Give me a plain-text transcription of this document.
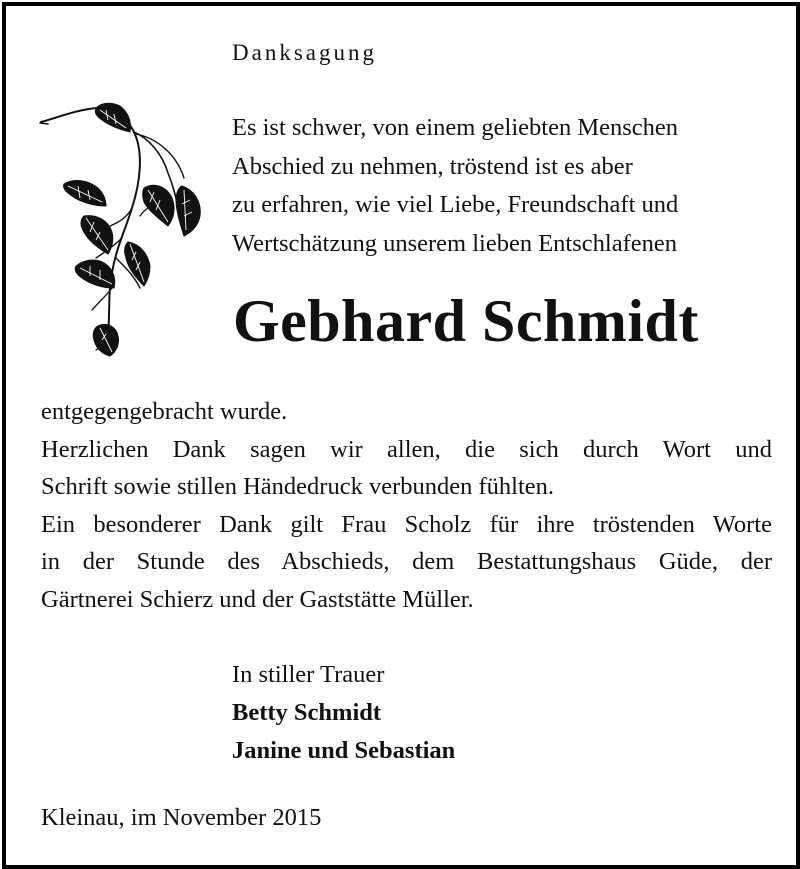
Danksagung
Es ist schwer, von einem geliebten Menschen
Abschied zu nehmen, tröstend ist es aber
zu erfahren, wie viel Liebe, Freundschaft und
Wertschätzung unserem lieben Entschlafenen
Gebhard Schmidt
entgegengebracht wurde.
Herzlichen Dank sagen wir allen, die sich durch Wort und
Schrift sowie stillen Händedruck verbunden fühlten.
Ein besonderer Dank gilt Frau Scholz für ihre tröstenden Worte
in der Stunde des Abschieds, dem Bestattungshaus Güde, der
Gärtnerei Schierz und der Gaststätte Müller.
In stiller Trauer
Betty Schmidt
Janine und Sebastian
Kleinau, im November 2015
